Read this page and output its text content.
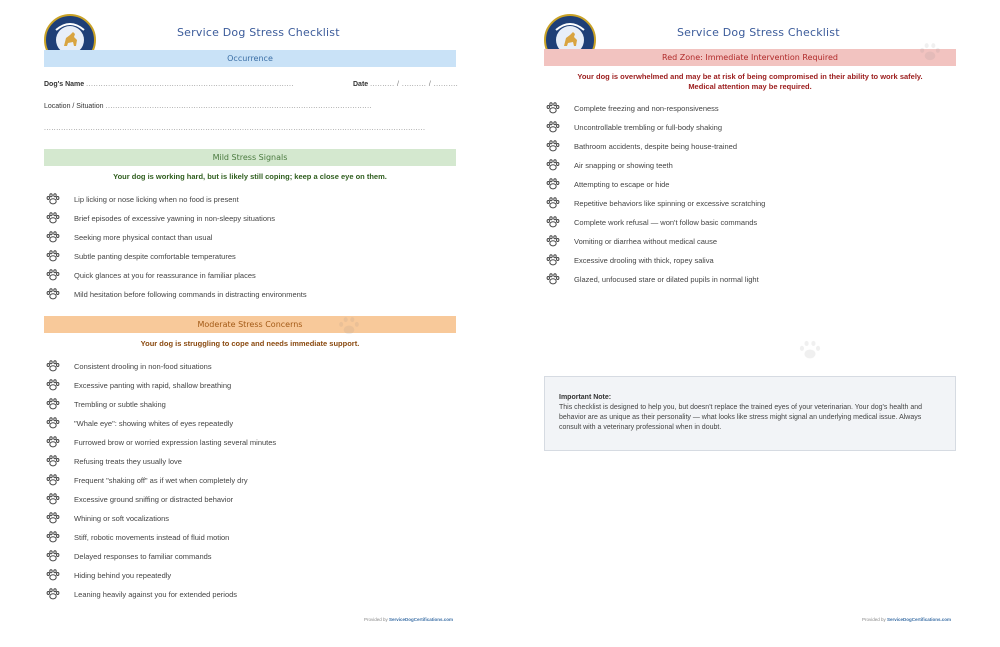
Service Dog Stress Checklist
Occurrence
Dog's Name .....................................................................................	Date .......... / .......... / ..........
Location / Situation .............................................................................................................
............................................................................................................................................................
Mild Stress Signals
Your dog is working hard, but is likely still coping; keep a close eye on them.
Lip licking or nose licking when no food is present
Brief episodes of excessive yawning in non-sleepy situations
Seeking more physical contact than usual
Subtle panting despite comfortable temperatures
Quick glances at you for reassurance in familiar places
Mild hesitation before following commands in distracting environments
Moderate Stress Concerns
Your dog is struggling to cope and needs immediate support.
Consistent drooling in non-food situations
Excessive panting with rapid, shallow breathing
Trembling or subtle shaking
"Whale eye": showing whites of eyes repeatedly
Furrowed brow or worried expression lasting several minutes
Refusing treats they usually love
Frequent "shaking off" as if wet when completely dry
Excessive ground sniffing or distracted behavior
Whining or soft vocalizations
Stiff, robotic movements instead of fluid motion
Delayed responses to familiar commands
Hiding behind you repeatedly
Leaning heavily against you for extended periods
Provided by ServiceDogCertifications.com
Service Dog Stress Checklist
Red Zone: Immediate Intervention Required
Your dog is overwhelmed and may be at risk of being compromised in their ability to work safely.
Medical attention may be required.
Complete freezing and non-responsiveness
Uncontrollable trembling or full-body shaking
Bathroom accidents, despite being house-trained
Air snapping or showing teeth
Attempting to escape or hide
Repetitive behaviors like spinning or excessive scratching
Complete work refusal — won't follow basic commands
Vomiting or diarrhea without medical cause
Excessive drooling with thick, ropey saliva
Glazed, unfocused stare or dilated pupils in normal light
Important Note:
This checklist is designed to help you, but doesn't replace the trained eyes of your veterinarian. Your dog's health and behavior are as unique as their personality — what looks like stress might signal an underlying medical issue. Always consult with a veterinary professional when in doubt.
Provided by ServiceDogCertifications.com
